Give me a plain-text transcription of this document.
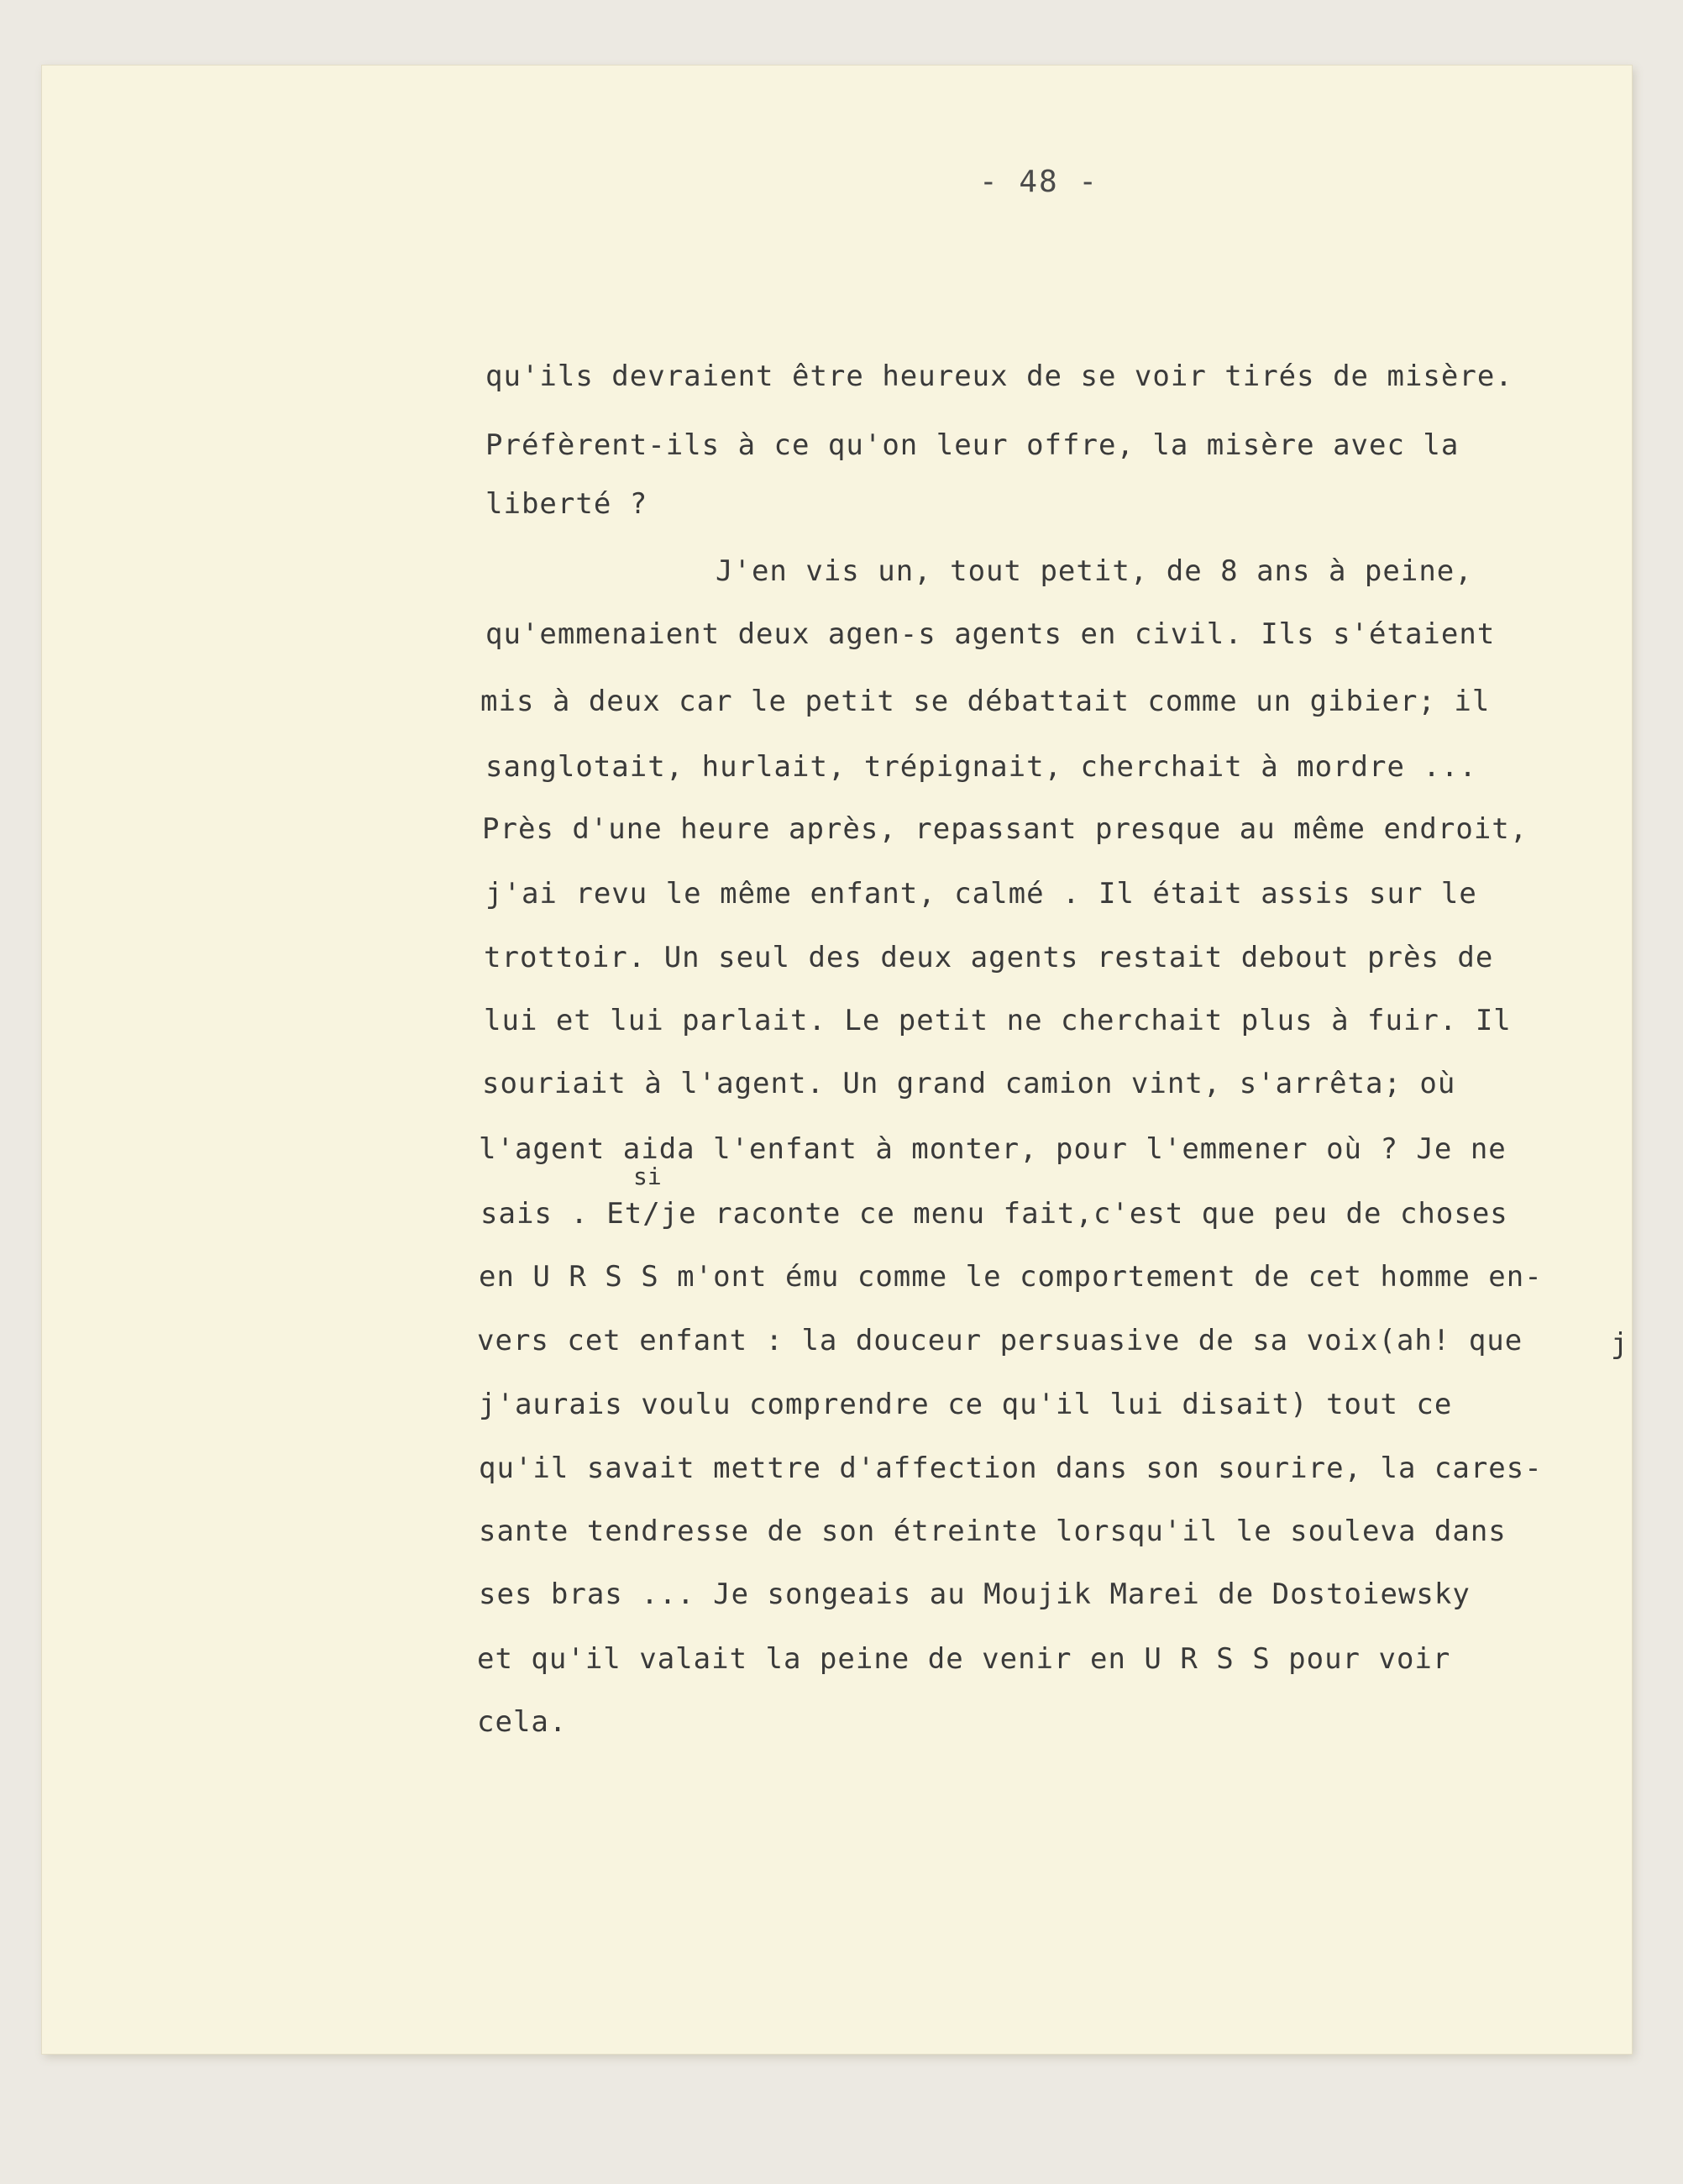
- 48 -
qu'ils devraient être heureux de se voir tirés de misère.
Préfèrent-ils à ce qu'on leur offre, la misère avec la
liberté ?
J'en vis un, tout petit, de 8 ans à peine,
qu'emmenaient deux agen-s agents en civil. Ils s'étaient
mis à deux car le petit se débattait comme un gibier; il
sanglotait, hurlait, trépignait, cherchait à mordre ...
Près d'une heure après, repassant presque au même endroit,
j'ai revu le même enfant, calmé . Il était assis sur le
trottoir. Un seul des deux agents restait debout près de
lui et lui parlait. Le petit ne cherchait plus à fuir. Il
souriait à l'agent. Un grand camion vint, s'arrêta; où
l'agent aida l'enfant à monter, pour l'emmener où ? Je ne
sais . Et/je raconte ce menu fait,c'est que peu de choses
en U R S S m'ont ému comme le comportement de cet homme en-
vers cet enfant : la douceur persuasive de sa voix(ah! que
j'aurais voulu comprendre ce qu'il lui disait) tout ce
qu'il savait mettre d'affection dans son sourire, la cares-
sante tendresse de son étreinte lorsqu'il le souleva dans
ses bras ... Je songeais au Moujik Marei de Dostoiewsky
et qu'il valait la peine de venir en U R S S pour voir
cela.
si
j
